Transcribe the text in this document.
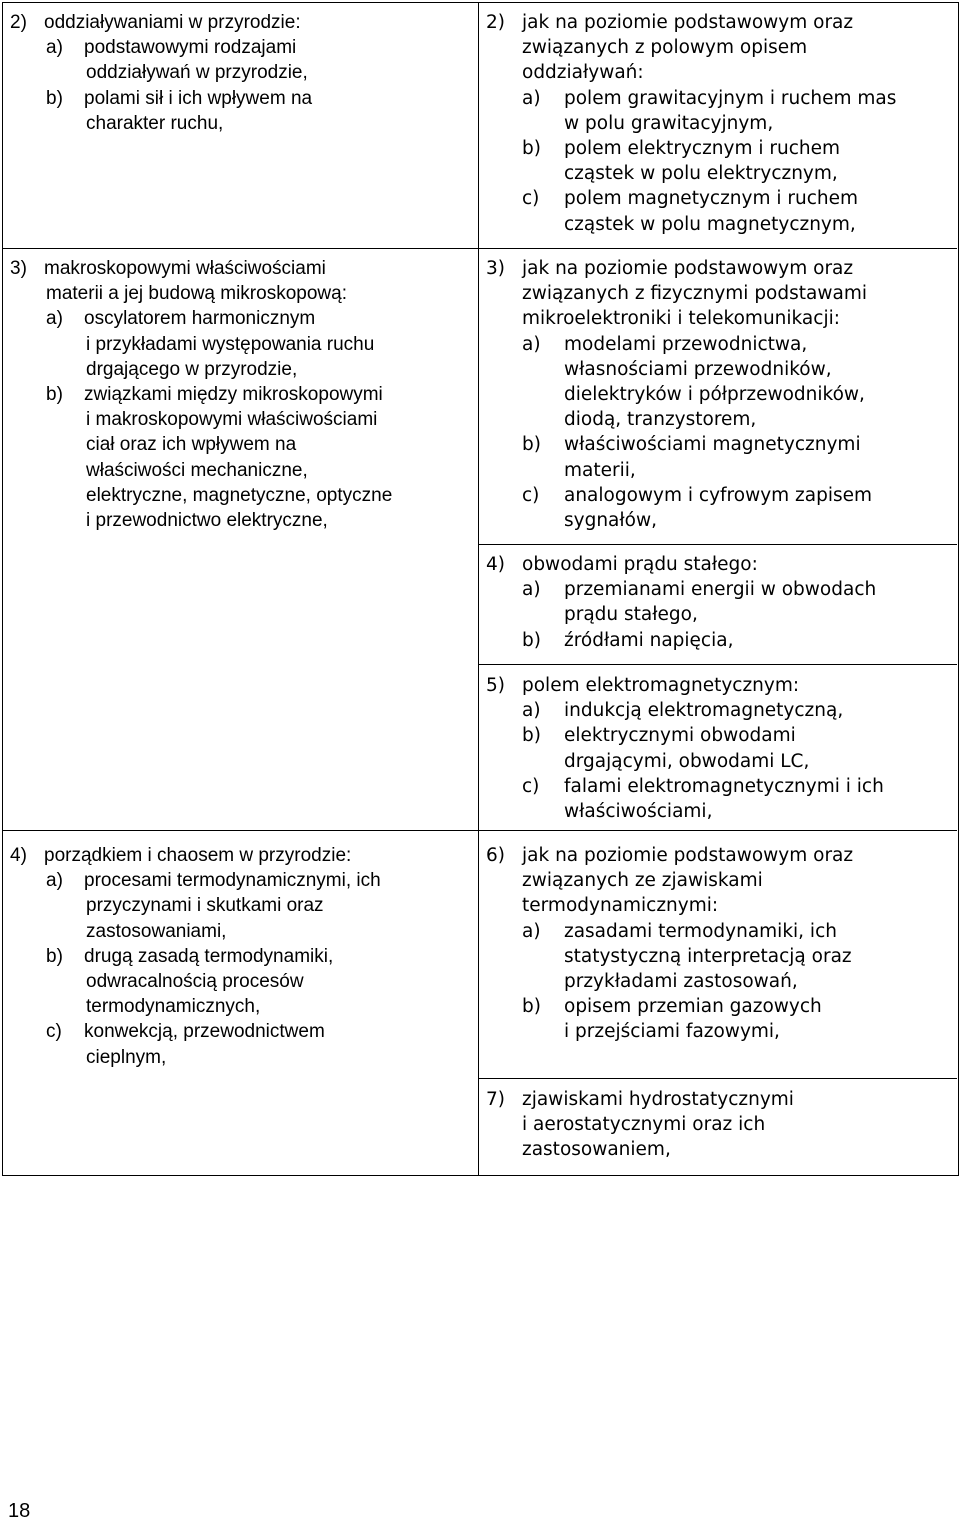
2) oddziaływaniami w przyrodzie:
a) podstawowymi rodzajami
oddziaływań w przyrodzie,
b) polami sił i ich wpływem na
charakter ruchu,
3) makroskopowymi właściwościami
materii a jej budową mikroskopową:
a) oscylatorem harmonicznym
i przykładami występowania ruchu
drgającego w przyrodzie,
b) związkami między mikroskopowymi
i makroskopowymi właściwościami
ciał oraz ich wpływem na
właściwości mechaniczne,
elektryczne, magnetyczne, optyczne
i przewodnictwo elektryczne,
4) porządkiem i chaosem w przyrodzie:
a) procesami termodynamicznymi, ich
przyczynami i skutkami oraz
zastosowaniami,
b) drugą zasadą termodynamiki,
odwracalnością procesów
termodynamicznych,
c) konwekcją, przewodnictwem
cieplnym,
2) jak na poziomie podstawowym oraz
związanych z polowym opisem
oddziaływań:
a) polem grawitacyjnym i ruchem mas
w polu grawitacyjnym,
b) polem elektrycznym i ruchem
cząstek w polu elektrycznym,
c) polem magnetycznym i ruchem
cząstek w polu magnetycznym,
3) jak na poziomie podstawowym oraz
związanych z fizycznymi podstawami
mikroelektroniki i telekomunikacji:
a) modelami przewodnictwa,
własnościami przewodników,
dielektryków i półprzewodników,
diodą, tranzystorem,
b) właściwościami magnetycznymi
materii,
c) analogowym i cyfrowym zapisem
sygnałów,
4) obwodami prądu stałego:
a) przemianami energii w obwodach
prądu stałego,
b) źródłami napięcia,
5) polem elektromagnetycznym:
a) indukcją elektromagnetyczną,
b) elektrycznymi obwodami
drgającymi, obwodami LC,
c) falami elektromagnetycznymi i ich
właściwościami,
6) jak na poziomie podstawowym oraz
związanych ze zjawiskami
termodynamicznymi:
a) zasadami termodynamiki, ich
statystyczną interpretacją oraz
przykładami zastosowań,
b) opisem przemian gazowych
i przejściami fazowymi,
7) zjawiskami hydrostatycznymi
i aerostatycznymi oraz ich
zastosowaniem,
18
